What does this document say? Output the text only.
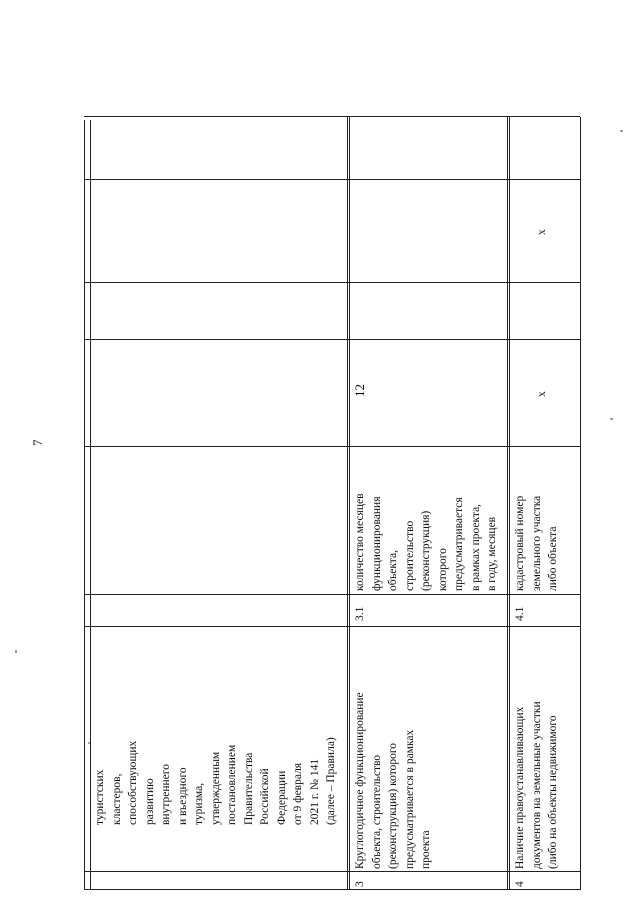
7
туристских
кластеров,
способствующих
развитию
внутреннего
и въездного
туризма,
утвержденным
постановлением
Правительства
Российской
Федерации
от 9 февраля
2021 г. № 141
(далее – Правила)
3
Круглогодичное функционирование
объекта, строительство
(реконструкция) которого
предусматривается в рамках
проекта
3.1
количество месяцев
функционирования
объекта,
строительство
(реконструкция)
которого
предусматривается
в рамках проекта,
в году, месяцев
12
4
Наличие правоустанавливающих
документов на земельные участки
(либо на объекты недвижимого
4.1
кадастровый номер
земельного участка
либо объекта
x
x
